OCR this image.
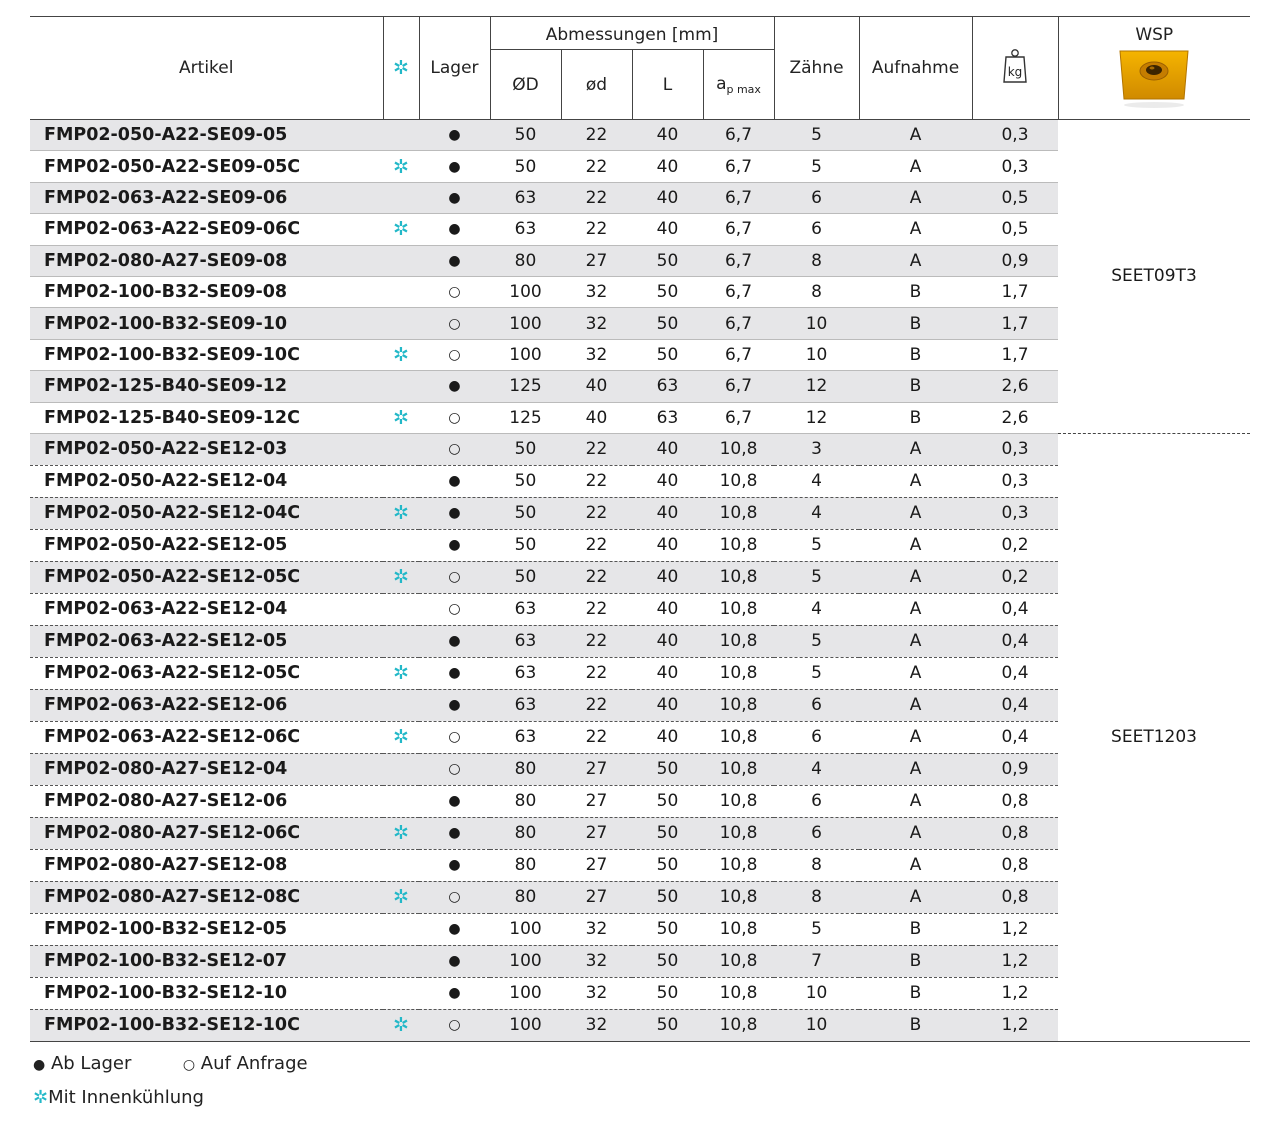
Artikel	✲	Lager	Abmessungen [mm]				Zähne	Aufnahme	kg	WSP

			ØD	ød	L	$a_{p max}$
FMP02-050-A22-SE09-05		●	50	22	40	6,7	5	A	0,3	SEET09T3
FMP02-050-A22-SE09-05C	✲	●	50	22	40	6,7	5	A	0,3	
FMP02-063-A22-SE09-06		●	63	22	40	6,7	6	A	0,5	
FMP02-063-A22-SE09-06C	✲	●	63	22	40	6,7	6	A	0,5	
FMP02-080-A27-SE09-08		●	80	27	50	6,7	8	A	0,9	
FMP02-100-B32-SE09-08		○	100	32	50	6,7	8	B	1,7	
FMP02-100-B32-SE09-10		○	100	32	50	6,7	10	B	1,7	
FMP02-100-B32-SE09-10C	✲	○	100	32	50	6,7	10	B	1,7	
FMP02-125-B40-SE09-12		●	125	40	63	6,7	12	B	2,6	
FMP02-125-B40-SE09-12C	✲	○	125	40	63	6,7	12	B	2,6	
FMP02-050-A22-SE12-03		○	50	22	40	10,8	3	A	0,3	SEET1203
FMP02-050-A22-SE12-04		●	50	22	40	10,8	4	A	0,3	
FMP02-050-A22-SE12-04C	✲	●	50	22	40	10,8	4	A	0,3	
FMP02-050-A22-SE12-05		●	50	22	40	10,8	5	A	0,2	
FMP02-050-A22-SE12-05C	✲	○	50	22	40	10,8	5	A	0,2	
FMP02-063-A22-SE12-04		○	63	22	40	10,8	4	A	0,4	
FMP02-063-A22-SE12-05		●	63	22	40	10,8	5	A	0,4	
FMP02-063-A22-SE12-05C	✲	●	63	22	40	10,8	5	A	0,4	
FMP02-063-A22-SE12-06		●	63	22	40	10,8	6	A	0,4	
FMP02-063-A22-SE12-06C	✲	○	63	22	40	10,8	6	A	0,4	
FMP02-080-A27-SE12-04		○	80	27	50	10,8	4	A	0,9	
FMP02-080-A27-SE12-06		●	80	27	50	10,8	6	A	0,8	
FMP02-080-A27-SE12-06C	✲	●	80	27	50	10,8	6	A	0,8	
FMP02-080-A27-SE12-08		●	80	27	50	10,8	8	A	0,8	
FMP02-080-A27-SE12-08C	✲	○	80	27	50	10,8	8	A	0,8	
FMP02-100-B32-SE12-05		●	100	32	50	10,8	5	B	1,2	
FMP02-100-B32-SE12-07		●	100	32	50	10,8	7	B	1,2	
FMP02-100-B32-SE12-10		●	100	32	50	10,8	10	B	1,2	
FMP02-100-B32-SE12-10C	✲	○	100	32	50	10,8	10	B	1,2	
● Ab Lager	○ Auf Anfrage
✲Mit Innenkühlung
